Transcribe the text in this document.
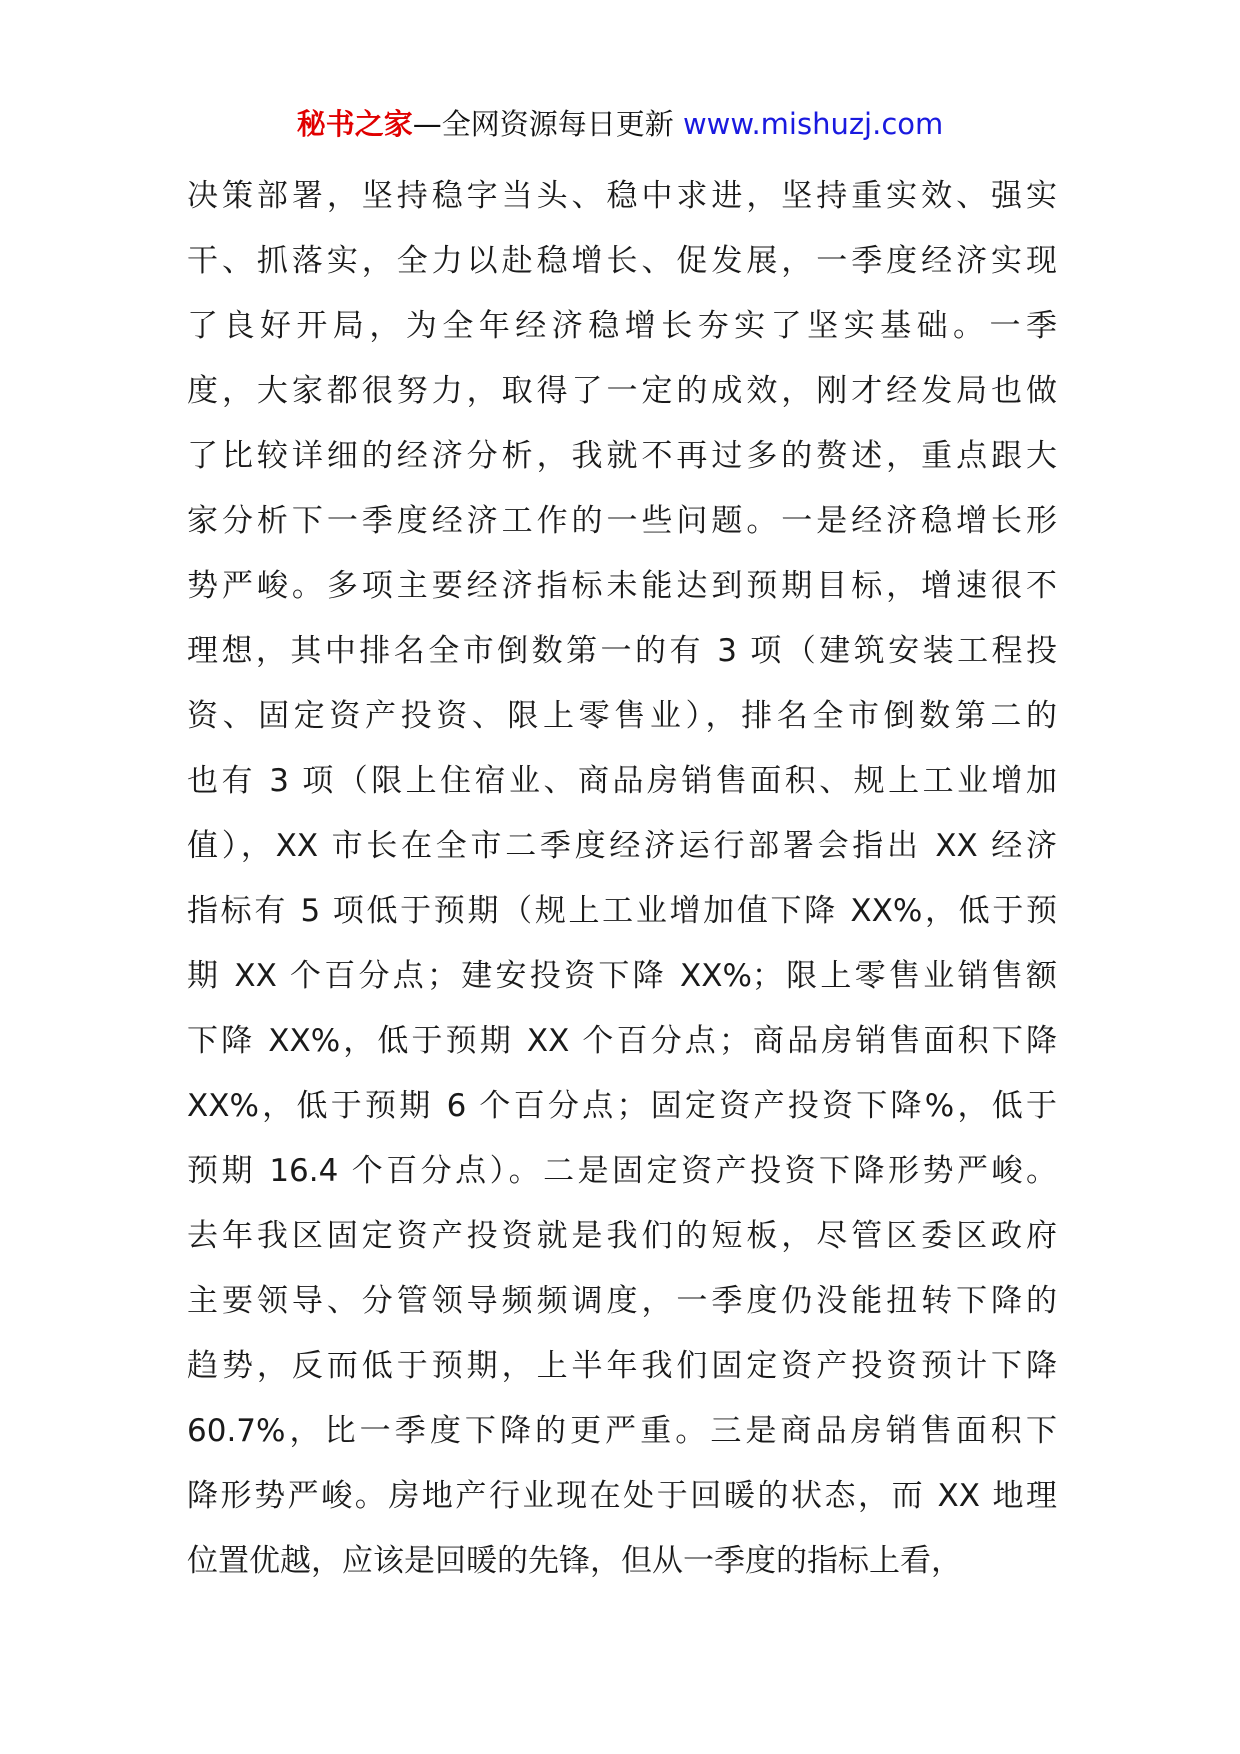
秘书之家—全网资源每日更新 www.mishuzj.com
决策部署，坚持稳字当头、稳中求进，坚持重实效、强实
干、抓落实，全力以赴稳增长、促发展，一季度经济实现
了良好开局，为全年经济稳增长夯实了坚实基础。一季
度，大家都很努力，取得了一定的成效，刚才经发局也做
了比较详细的经济分析，我就不再过多的赘述，重点跟大
家分析下一季度经济工作的一些问题。一是经济稳增长形
势严峻。多项主要经济指标未能达到预期目标，增速很不
理想，其中排名全市倒数第一的有 3 项（建筑安装工程投
资、固定资产投资、限上零售业），排名全市倒数第二的
也有 3 项（限上住宿业、商品房销售面积、规上工业增加
值），XX 市长在全市二季度经济运行部署会指出 XX 经济
指标有 5 项低于预期（规上工业增加值下降 XX%，低于预
期 XX 个百分点；建安投资下降 XX%；限上零售业销售额
下降 XX%，低于预期 XX 个百分点；商品房销售面积下降
XX%，低于预期 6 个百分点；固定资产投资下降%，低于
预期 16.4 个百分点）。二是固定资产投资下降形势严峻。
去年我区固定资产投资就是我们的短板，尽管区委区政府
主要领导、分管领导频频调度，一季度仍没能扭转下降的
趋势，反而低于预期，上半年我们固定资产投资预计下降
60.7%，比一季度下降的更严重。三是商品房销售面积下
降形势严峻。房地产行业现在处于回暖的状态，而 XX 地理
位置优越，应该是回暖的先锋，但从一季度的指标上看，
